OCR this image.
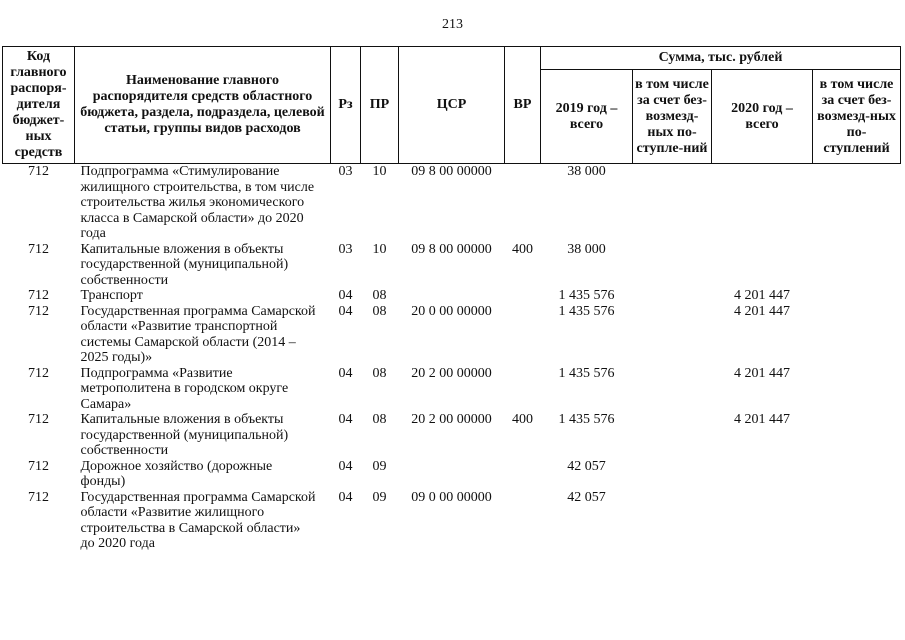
213
Код главного распоря-дителя бюджет-ных средств	Наименование главного распорядителя средств областного бюджета, раздела, подраздела, целевой статьи, группы видов расходов	Рз	ПР	ЦСР	ВР	Сумма, тыс. рублей			
						2019 год – всего	в том числе за счет без-возмезд-ных по-ступле-ний	2020 год – всего	в том числе за счет без-возмезд-ных по-ступлений
712	Подпрограмма «Стимулирование жилищного строительства, в том числе строительства жилья экономического класса в Самарской области» до 2020 года	03	10	09 8 00 00000		38 000			
712	Капитальные вложения в объекты государственной (муниципальной) собственности	03	10	09 8 00 00000	400	38 000			
712	Транспорт	04	08			1 435 576		4 201 447	
712	Государственная программа Самарской области «Развитие транспортной системы Самарской области (2014 – 2025 годы)»	04	08	20 0 00 00000		1 435 576		4 201 447	
712	Подпрограмма «Развитие метрополитена в городском округе Самара»	04	08	20 2 00 00000		1 435 576		4 201 447	
712	Капитальные вложения в объекты государственной (муниципальной) собственности	04	08	20 2 00 00000	400	1 435 576		4 201 447	
712	Дорожное хозяйство (дорожные фонды)	04	09			42 057			
712	Государственная программа Самарской области «Развитие жилищного строительства в Самарской области» до 2020 года	04	09	09 0 00 00000		42 057			
